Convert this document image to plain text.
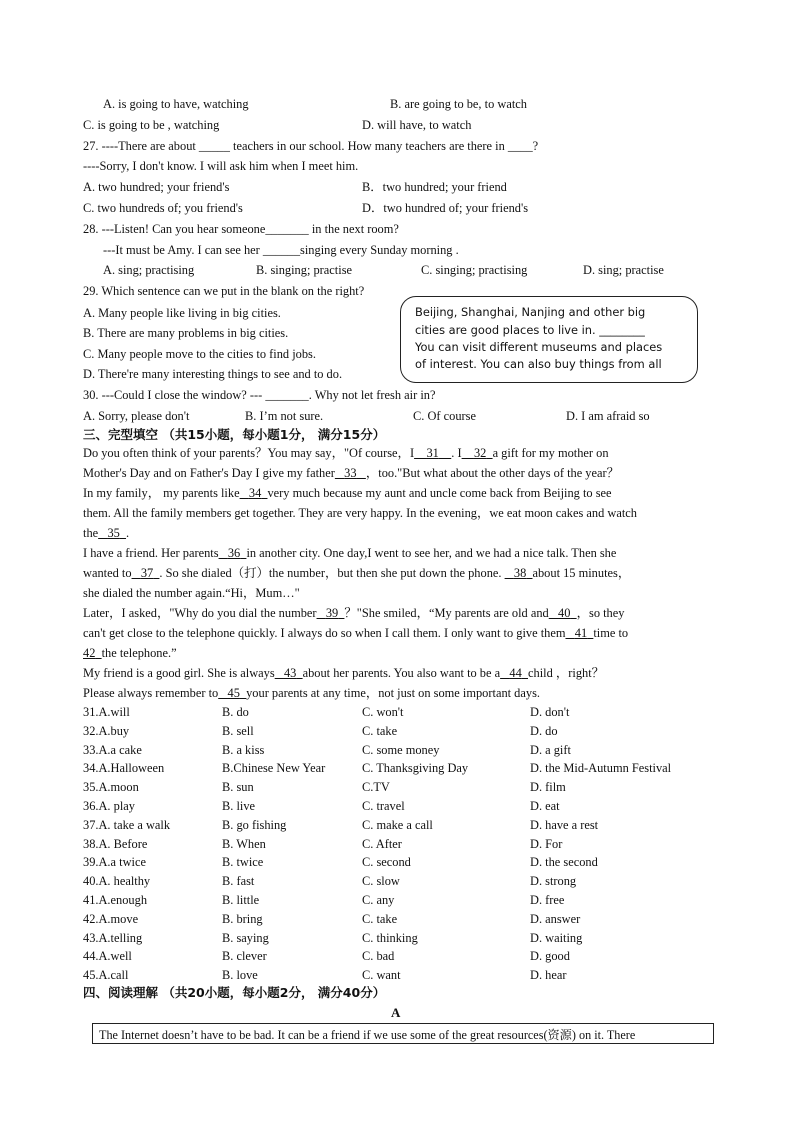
A. is going to have, watching	B. are going to be, to watch
C. is going to be , watching	D. will have, to watch
27. ----There are about _____ teachers in our school. How many teachers are there in ____?
----Sorry, I don't know. I will ask him when I meet him.
A. two hundred; your friend's	B．two hundred; your friend
C. two hundreds of; you friend's	D．two hundred of; your friend's
28. ---Listen! Can you hear someone_______ in the next room?
---It must be Amy. I can see her ______singing every Sunday morning .
A. sing; practising	B. singing; practise	C. singing; practising	D. sing; practise
29. Which sentence can we put in the blank on the right?
A. Many people like living in big cities.
B. There are many problems in big cities.
C. Many people move to the cities to find jobs.
D. There're many interesting things to see and to do.
Beijing, Shanghai, Nanjing and other big
cities are good places to live in. ________
You can visit different museums and places
of interest. You can also buy things from all
30. ---Could I close the window? --- _______. Why not let fresh air in?
A. Sorry, please don't	B. I’m not sure.	C. Of course	D. I am afraid so
三、完型填空 （共15小题，每小题1分， 满分15分）
Do you often think of your parents？You may say，"Of course，I 31 . I 32 a gift for my mother on
Mother's Day and on Father's Day I give my father 33 ，too."But what about the other days of the year？
In my family， my parents like 34 very much because my aunt and uncle come back from Beijing to see
them. All the family members get together. They are very happy. In the evening，we eat moon cakes and watch
the 35 .
I have a friend. Her parents 36 in another city. One day,I went to see her, and we had a nice talk. Then she
wanted to 37 . So she dialed（打）the number，but then she put down the phone.    38 about 15 minutes，
she dialed the number again.“Hi，Mum…"
Later，I asked，"Why do you dial the number 39 ？"She smiled，“My parents are old and 40 ，so they
can't get close to the telephone quickly. I always do so when I call them. I only want to give them 41 time to
42 the telephone.”
My friend is a good girl. She is always 43 about her parents. You also want to be a 44 child ，right？
Please always remember to 45 your parents at any time，not just on some important days.
31.A.will	B. do	C. won't	D. don't
32.A.buy	B. sell	C. take	D. do
33.A.a cake	B. a kiss	C. some money	D. a gift
34.A.Halloween	B.Chinese New Year	C. Thanksgiving Day	D. the Mid-Autumn Festival
35.A.moon	B. sun	C.TV	D. film
36.A. play	B. live	C. travel	D. eat
37.A. take a walk	B. go fishing	C. make a call	D. have a rest
38.A. Before	B. When	C. After	D. For
39.A.a twice	B. twice	C. second	D. the second
40.A. healthy	B. fast	C. slow	D. strong
41.A.enough	B. little	C. any	D. free
42.A.move	B. bring	C. take	D. answer
43.A.telling	B. saying	C. thinking	D. waiting
44.A.well	B. clever	C. bad	D. good
45.A.call	B. love	C. want	D. hear
四、阅读理解 （共20小题，每小题2分， 满分40分）
A
The Internet doesn’t have to be bad. It can be a friend if we use some of the great resources(资源) on it. There
